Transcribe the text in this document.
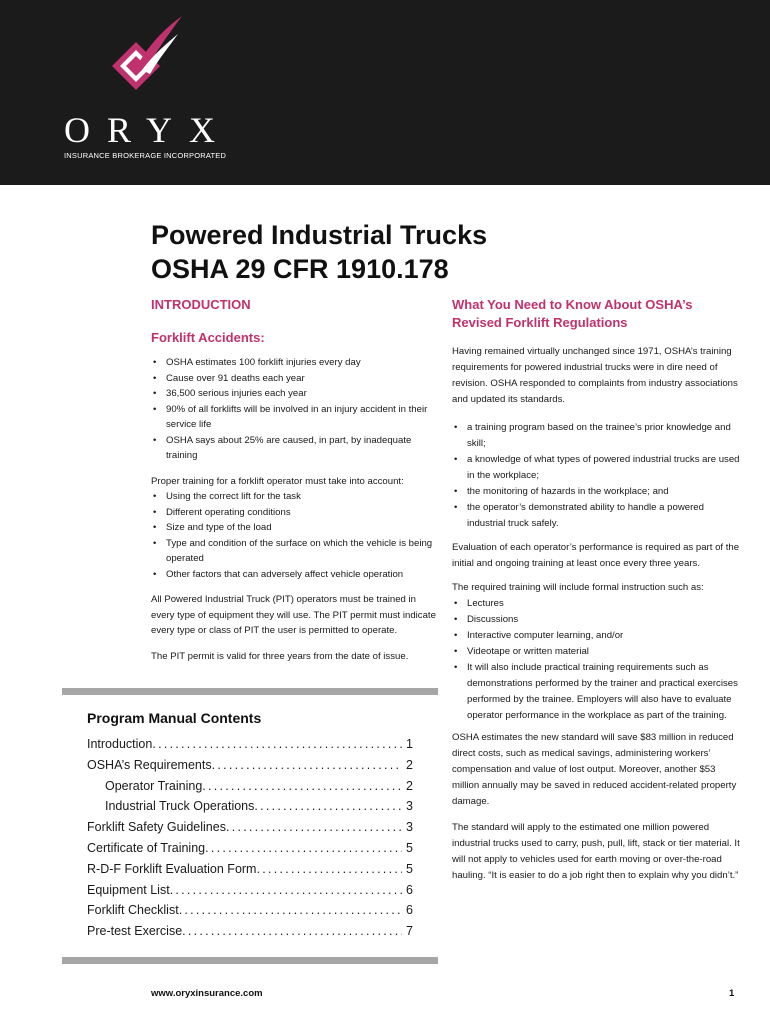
ORYX
INSURANCE BROKERAGE INCORPORATED
Powered Industrial Trucks
OSHA 29 CFR 1910.178
INTRODUCTION
Forklift Accidents:
• OSHA estimates 100 forklift injuries every day
• Cause over 91 deaths each year
• 36,500 serious injuries each year
• 90% of all forklifts will be involved in an injury accident in their service life
• OSHA says about 25% are caused, in part, by inadequate training

Proper training for a forklift operator must take into account:

• Using the correct lift for the task
• Different operating conditions
• Size and type of the load
• Type and condition of the surface on which the vehicle is being operated
• Other factors that can adversely affect vehicle operation

All Powered Industrial Truck (PIT) operators must be trained in every type of equipment they will use. The PIT permit must indicate every type or class of PIT the user is permitted to operate.

The PIT permit is valid for three years from the date of issue.

Program Manual Contents
Introduction . . .	1
OSHA’s Requirements . . .	2
Operator Training . . .	2
Industrial Truck Operations . . .	3
Forklift Safety Guidelines . . .	3
Certificate of Training . . .	5
R-D-F Forklift Evaluation Form . . .	5
Equipment List . . .	6
Forklift Checklist . . .	6
Pre-test Exercise . . .	7
What You Need to Know About OSHA’s Revised Forklift Regulations

Having remained virtually unchanged since 1971, OSHA’s training requirements for powered industrial trucks were in dire need of revision. OSHA responded to complaints from industry associations and updated its standards.

• a training program based on the trainee’s prior knowledge and skill;
• a knowledge of what types of powered industrial trucks are used in the workplace;
• the monitoring of hazards in the workplace; and
• the operator’s demonstrated ability to handle a powered industrial truck safely.

Evaluation of each operator’s performance is required as part of the initial and ongoing training at least once every three years.

The required training will include formal instruction such as:

• Lectures
• Discussions
• Interactive computer learning, and/or
• Videotape or written material
• It will also include practical training requirements such as demonstrations performed by the trainer and practical exercises performed by the trainee. Employers will also have to evaluate operator performance in the workplace as part of the training.

OSHA estimates the new standard will save $83 million in reduced direct costs, such as medical savings, administering workers’ compensation and value of lost output. Moreover, another $53 million annually may be saved in reduced accident-related property damage.

The standard will apply to the estimated one million powered industrial trucks used to carry, push, pull, lift, stack or tier material. It will not apply to vehicles used for earth moving or over-the-road hauling. “It is easier to do a job right then to explain why you didn’t.”

www.oryxinsurance.com	1
